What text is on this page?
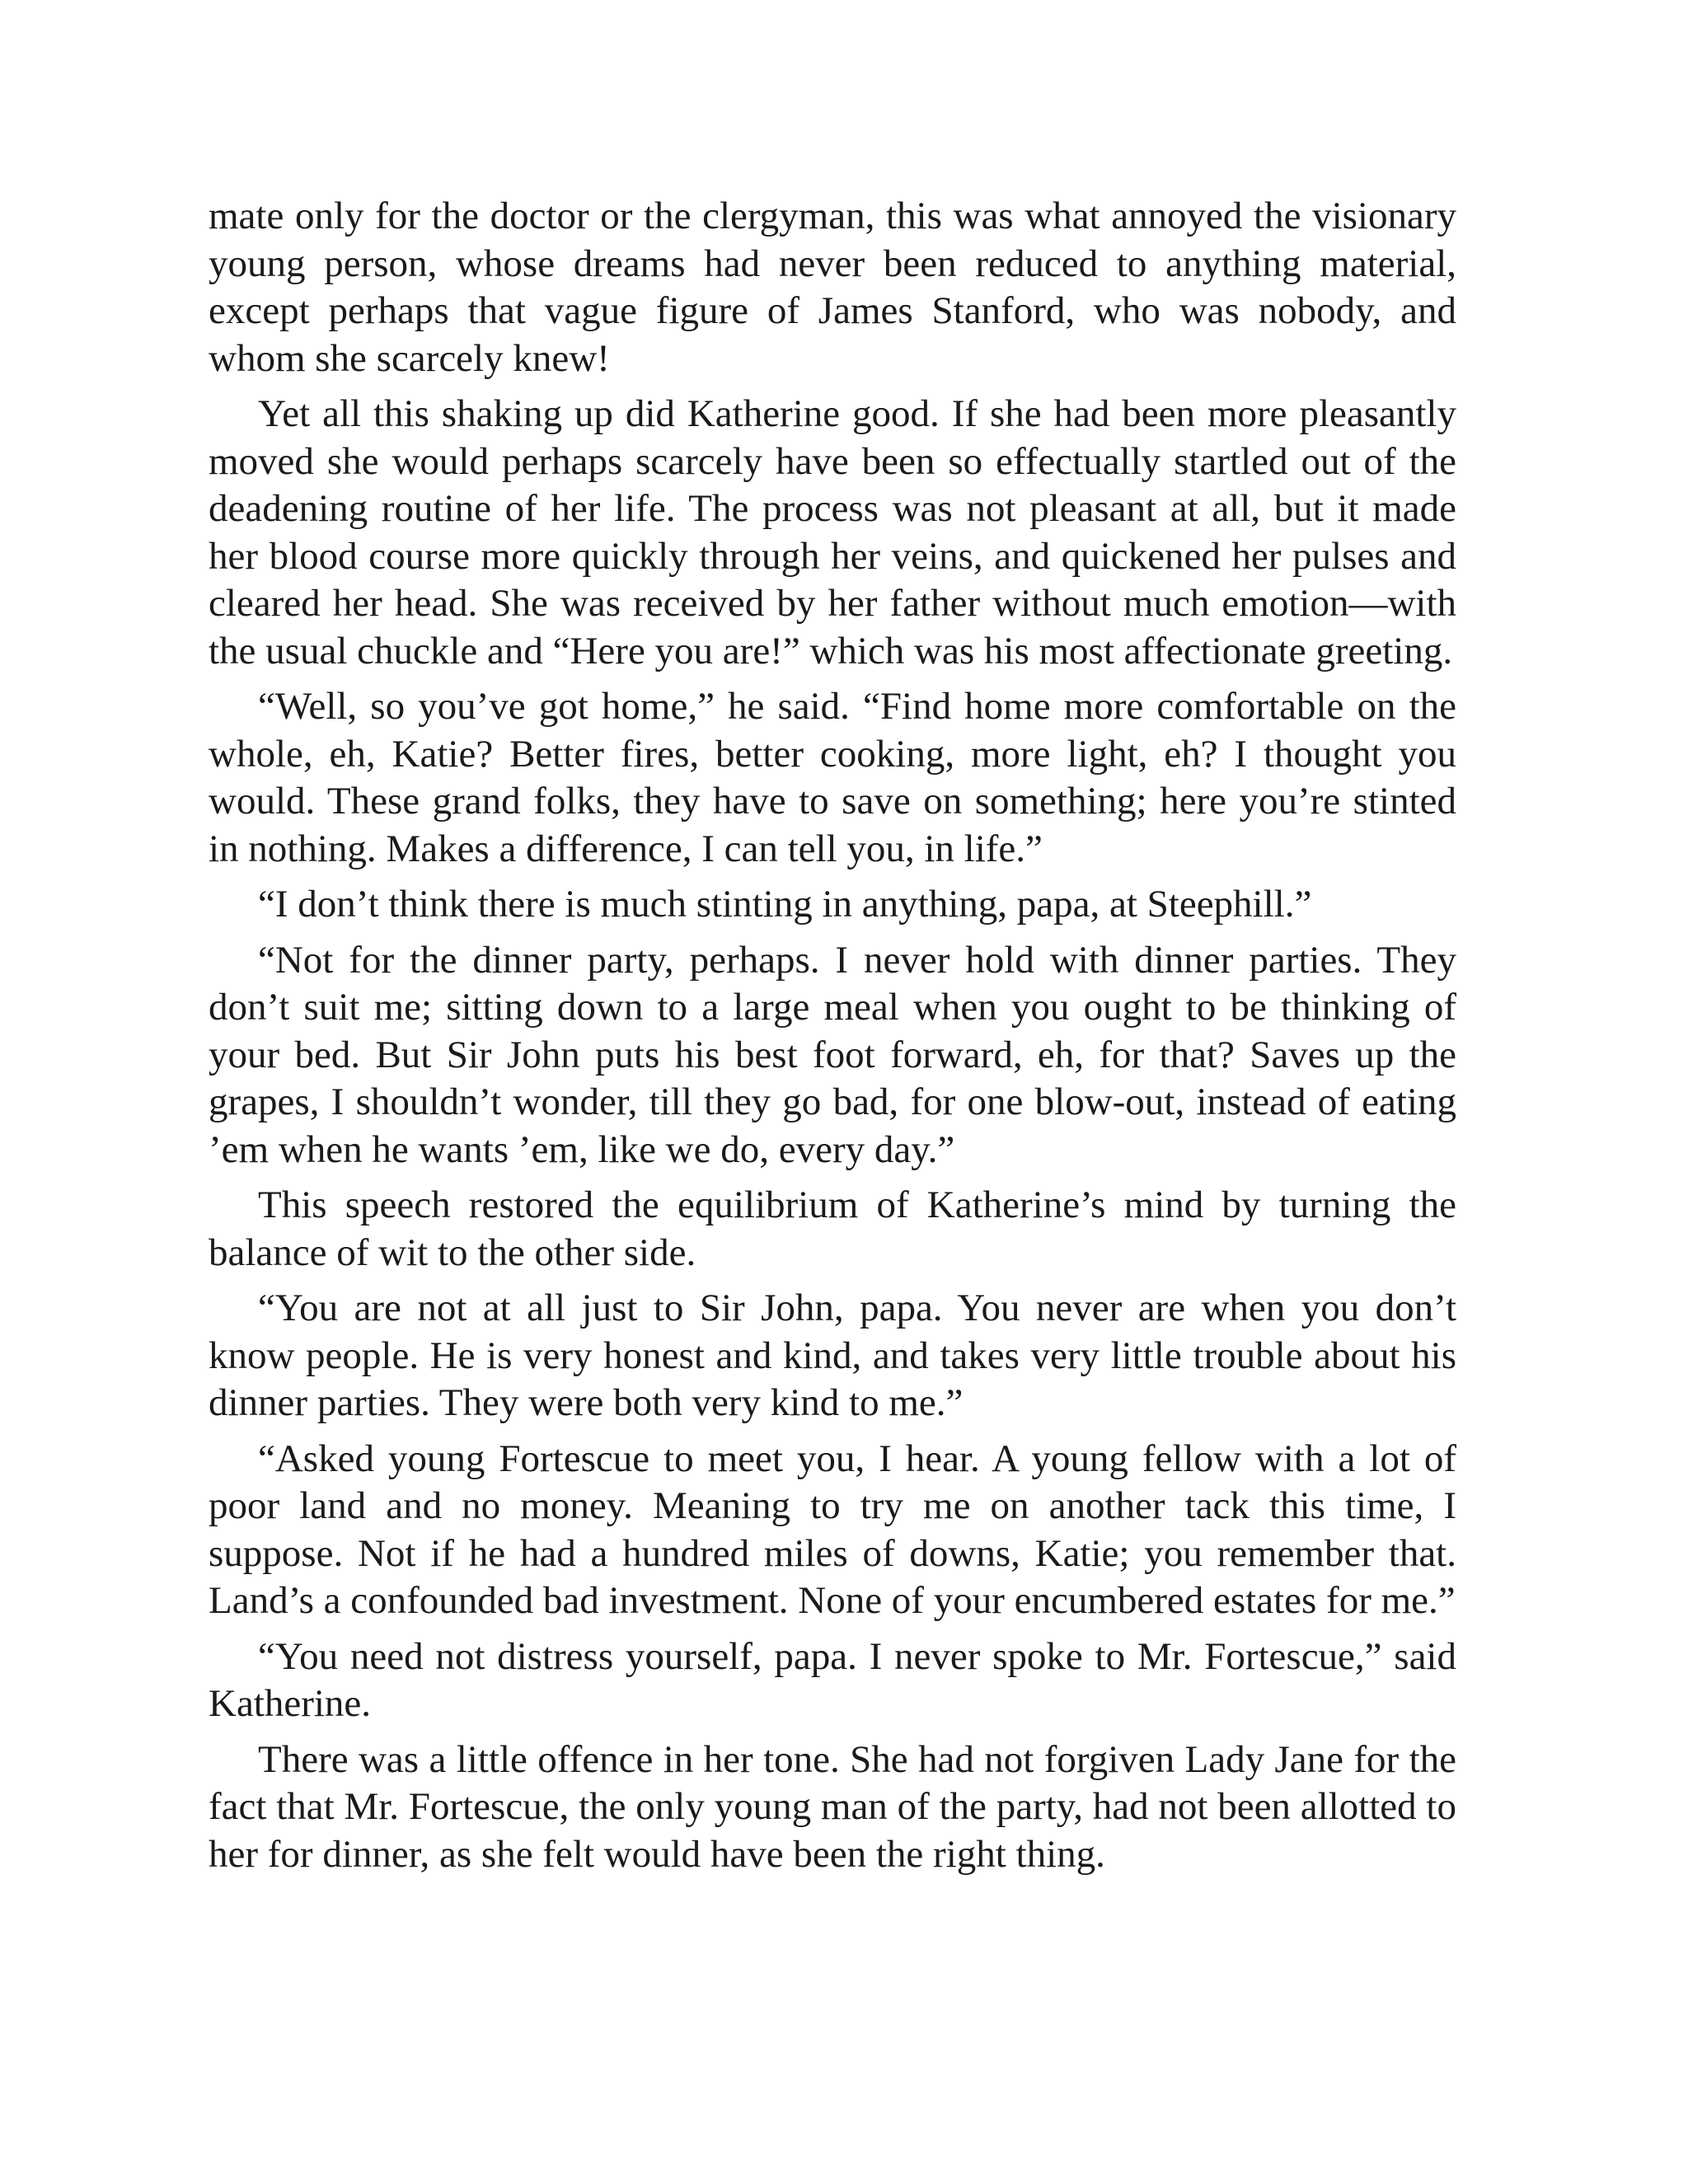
mate only for the doctor or the clergyman, this was what annoyed the visionary young person, whose dreams had never been reduced to anything material, except perhaps that vague figure of James Stanford, who was nobody, and whom she scarcely knew!

Yet all this shaking up did Katherine good. If she had been more pleasantly moved she would perhaps scarcely have been so effectually startled out of the deadening routine of her life. The process was not pleasant at all, but it made her blood course more quickly through her veins, and quickened her pulses and cleared her head. She was received by her father without much emotion—with the usual chuckle and “Here you are!” which was his most affectionate greeting.

“Well, so you’ve got home,” he said. “Find home more comfortable on the whole, eh, Katie? Better fires, better cooking, more light, eh? I thought you would. These grand folks, they have to save on something; here you’re stinted in nothing. Makes a difference, I can tell you, in life.”

“I don’t think there is much stinting in anything, papa, at Steephill.”

“Not for the dinner party, perhaps. I never hold with dinner parties. They don’t suit me; sitting down to a large meal when you ought to be thinking of your bed. But Sir John puts his best foot forward, eh, for that? Saves up the grapes, I shouldn’t wonder, till they go bad, for one blow-out, instead of eating ’em when he wants ’em, like we do, every day.”

This speech restored the equilibrium of Katherine’s mind by turning the balance of wit to the other side.

“You are not at all just to Sir John, papa. You never are when you don’t know people. He is very honest and kind, and takes very little trouble about his dinner parties. They were both very kind to me.”

“Asked young Fortescue to meet you, I hear. A young fellow with a lot of poor land and no money. Meaning to try me on another tack this time, I suppose. Not if he had a hundred miles of downs, Katie; you remember that. Land’s a confounded bad investment. None of your encumbered estates for me.”

“You need not distress yourself, papa. I never spoke to Mr. Fortescue,” said Katherine.

There was a little offence in her tone. She had not forgiven Lady Jane for the fact that Mr. Fortescue, the only young man of the party, had not been allotted to her for dinner, as she felt would have been the right thing.
